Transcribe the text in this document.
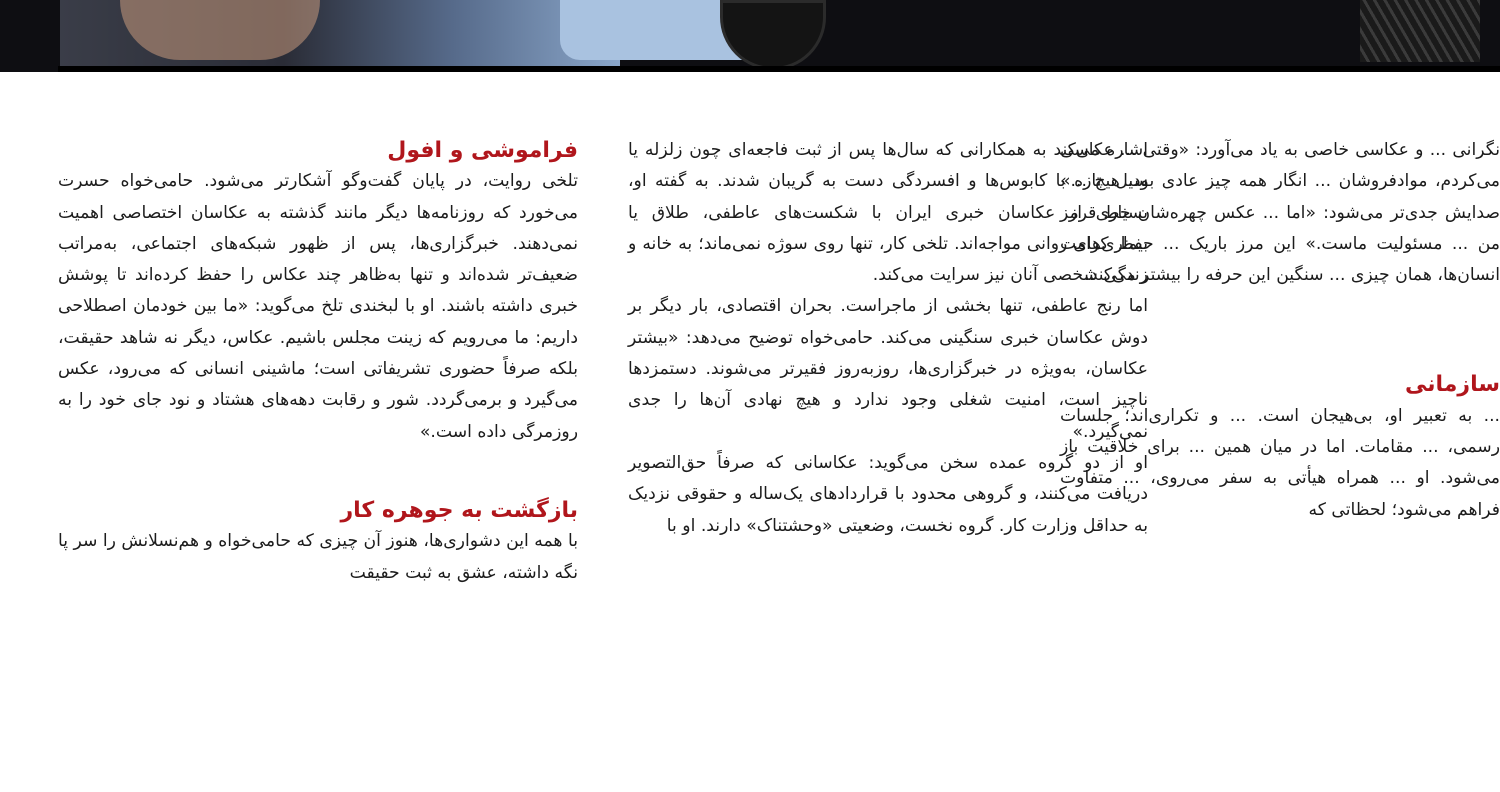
فراموشی و افول

تلخی روایت، در پایان گفت‌وگو آشکارتر می‌شود. حامی‌خواه حسرت می‌خورد که روزنامه‌ها دیگر مانند گذشته به عکاسان اختصاصی اهمیت نمی‌دهند. خبرگزاری‌ها، پس از ظهور شبکه‌های اجتماعی، به‌مراتب ضعیف‌تر شده‌اند و تنها به‌ظاهر چند عکاس را حفظ کرده‌اند تا پوشش خبری داشته باشند. او با لبخندی تلخ می‌گوید: «ما بین خودمان اصطلاحی داریم: ما می‌رویم که زینت مجلس باشیم. عکاس، دیگر نه شاهد حقیقت، بلکه صرفاً حضوری تشریفاتی است؛ ماشینی انسانی که می‌رود، عکس می‌گیرد و برمی‌گردد. شور و رقابت دهه‌های هشتاد و نود جای خود را به روزمرگی داده است.»

بازگشت به جوهره کار

با همه این دشواری‌ها، هنوز آن چیزی که حامی‌خواه و هم‌نسلانش را سر پا نگه داشته، عشق به ثبت حقیقت

اشاره می‌کند به همکارانی که سال‌ها پس از ثبت فاجعه‌ای چون زلزله یا سیل، تازه با کابوس‌ها و افسردگی دست به گریبان شدند. به گفته او، بسیاری از عکاسان خبری ایران با شکست‌های عاطفی، طلاق یا بیماری‌های روانی مواجه‌اند. تلخی کار، تنها روی سوژه نمی‌ماند؛ به خانه و زندگی شخصی آنان نیز سرایت می‌کند.

اما رنج عاطفی، تنها بخشی از ماجراست. بحران اقتصادی، بار دیگر بر دوش عکاسان خبری سنگینی می‌کند. حامی‌خواه توضیح می‌دهد: «بیشتر عکاسان، به‌ویژه در خبرگزاری‌ها، روزبه‌روز فقیرتر می‌شوند. دستمزدها ناچیز است، امنیت شغلی وجود ندارد و هیچ نهادی آن‌ها را جدی نمی‌گیرد.»

او از دو گروه عمده سخن می‌گوید: عکاسانی که صرفاً حق‌التصویر دریافت می‌کنند، و گروهی محدود با قراردادهای یک‌ساله و حقوقی نزدیک به حداقل وزارت کار. گروه نخست، وضعیتی «وحشتناک» دارند. او با

نگرانی ... و عکاسی خاصی به یاد می‌آورد: «وقتی ... عکاسی می‌کردم، موادفروشان ... انگار همه چیز عادی بود، هیچ ...» صدایش جدی‌تر می‌شود: «اما ... عکس چهره‌شان خط قرمز من ... مسئولیت ماست.» این مرز باریک ... حفظ کرامت انسان‌ها، همان چیزی ... سنگین این حرفه را بیشتر می‌کند.

سازمانی

... به تعبیر او، بی‌هیجان است. ... و تکراری‌اند؛ جلسات رسمی، ... مقامات. اما در میان همین ... برای خلاقیت باز می‌شود. او ... همراه هیأتی به سفر می‌روی، ... متفاوت فراهم می‌شود؛ لحظاتی که
